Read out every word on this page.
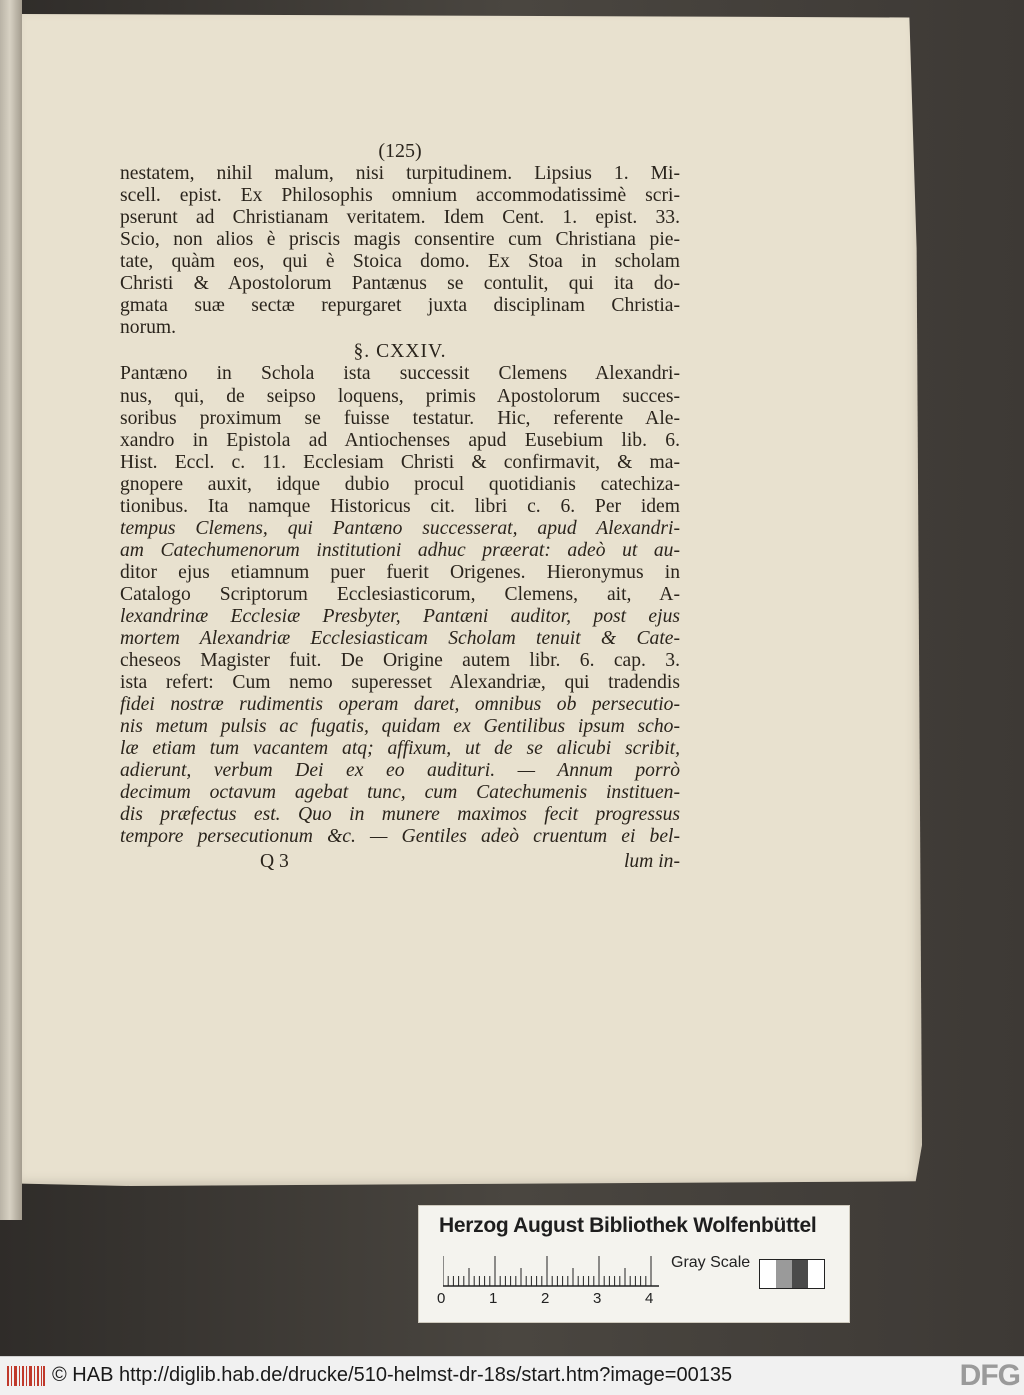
(125)

nestatem, nihil malum, nisi turpitudinem. Lipsius 1. Mi-

scell. epist. Ex Philosophis omnium accommodatissimè scri-

pserunt ad Christianam veritatem. Idem Cent. 1. epist. 33.

Scio, non alios è priscis magis consentire cum Christiana pie-

tate, quàm eos, qui è Stoica domo. Ex Stoa in scholam

Christi & Apostolorum Pantænus se contulit, qui ita do-

gmata suæ sectæ repurgaret juxta disciplinam Christia-

norum.

§. CXXIV.

Pantæno in Schola ista successit Clemens Alexandri-

nus, qui, de seipso loquens, primis Apostolorum succes-

soribus proximum se fuisse testatur. Hic, referente Ale-

xandro in Epistola ad Antiochenses apud Eusebium lib. 6.

Hist. Eccl. c. 11. Ecclesiam Christi & confirmavit, & ma-

gnopere auxit, idque dubio procul quotidianis catechiza-

tionibus. Ita namque Historicus cit. libri c. 6. Per idem

tempus Clemens, qui Pantæno successerat, apud Alexandri-

am Catechumenorum institutioni adhuc præerat: adeò ut au-

ditor ejus etiamnum puer fuerit Origenes. Hieronymus in

Catalogo Scriptorum Ecclesiasticorum, Clemens, ait, A-

lexandrinæ Ecclesiæ Presbyter, Pantæni auditor, post ejus

mortem Alexandriæ Ecclesiasticam Scholam tenuit & Cate-

cheseos Magister fuit. De Origine autem libr. 6. cap. 3.

ista refert: Cum nemo superesset Alexandriæ, qui tradendis

fidei nostræ rudimentis operam daret, omnibus ob persecutio-

nis metum pulsis ac fugatis, quidam ex Gentilibus ipsum scho-

læ etiam tum vacantem atq; affixum, ut de se alicubi scribit,

adierunt, verbum Dei ex eo audituri. — Annum porrò

decimum octavum agebat tunc, cum Catechumenis instituen-

dis præfectus est. Quo in munere maximos fecit progressus

tempore persecutionum &c. — Gentiles adeò cruentum ei bel-

Q 3	lum in-
Herzog August Bibliothek Wolfenbüttel
0	1	2	3	4
Gray Scale
© HAB http://diglib.hab.de/drucke/510-helmst-dr-18s/start.htm?image=00135	DFG
